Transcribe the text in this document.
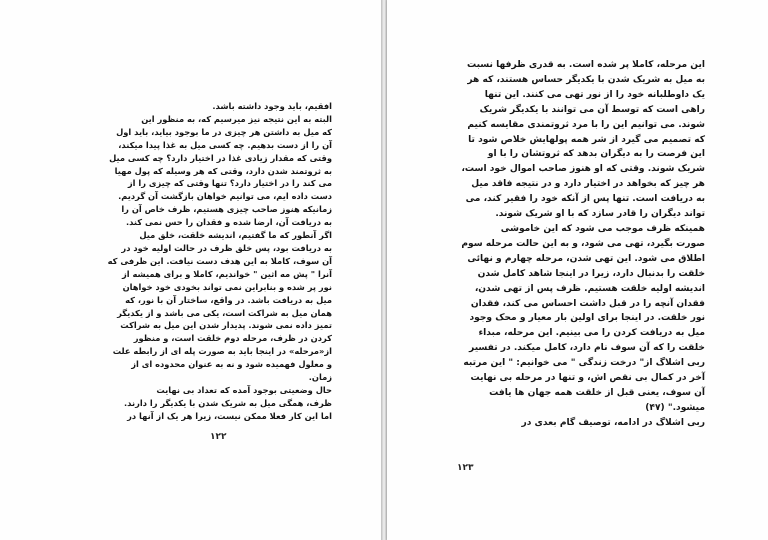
افقیم، باید وجود داشته باشد.
البته به این نتیجه نیز میرسیم که، به منظور این
که میل به داشتن هر چیزی در ما بوجود بیاید، باید اول
آن را از دست بدهیم. چه کسی میل به غذا پیدا میکند،
وقتی که مقدار زیادی غذا در اختیار دارد؟ چه کسی میل
به ثروتمند شدن دارد، وقتی که هر وسیله که پول مهیا
می کند را در اختیار دارد؟ تنها وقتی که چیزی را از
دست داده ایم، می توانیم خواهان بازگشت آن گردیم.
زمانیکه هنوز صاحب چیزی هستیم، ظرف خاص آن را
به دریافت آن، ارضا شده و فقدان را حس نمی کند.
اگر آنطور که ما گفتیم، اندیشه خلقت، خلق میل
به دریافت بود، پس خلق ظرف در حالت اولیه خود در
آن سوف، کاملا به این هدف دست نیافت. این ظرفی که
آنرا " پش مه اثین " خواندیم، کاملا و برای همیشه از
نور پر شده و بنابراین نمی تواند بخودی خود خواهان
میل به دریافت باشد. در واقع، ساختار آن با نور، که
همان میل به شراکت است، یکی می باشد و از یکدیگر
تمیز داده نمی شوند. پدیدار شدن این میل به شراکت
کردن در ظرف، مرحله دوم خلقت است، و منظور
از«مرحله» در اینجا باید به صورت پله ای از رابطه علت
و معلول فهمیده شود و نه به عنوان محدوده ای از
زمان.
حال وضعیتی بوجود آمده که تعداد بی نهایت
ظرف، همگی میل به شریک شدن با یکدیگر را دارند.
اما این کار فعلا ممکن نیست، زیرا هر یک از آنها در
۱۲۲
این مرحله، کاملا پر شده است. به قدری ظرفها نسبت
به میل به شریک شدن با یکدیگر حساس هستند، که هر
یک داوطلبانه خود را از نور تهی می کنند. این تنها
راهی است که توسط آن می توانند با یکدیگر شریک
شوند. می توانیم این را با مرد ثروتمندی مقایسه کنیم
که تصمیم می گیرد از شر همه پولهایش خلاص شود تا
این فرصت را به دیگران بدهد که ثروتشان را با او
شریک شوند. وقتی که او هنوز صاحب اموال خود است،
هر چیز که بخواهد در اختیار دارد و در نتیجه فاقد میل
به دریافت است. تنها پس از آنکه خود را فقیر کند، می
تواند دیگران را قادر سازد که با او شریک شوند.
همینکه ظرف موجب می شود که این خاموشی
صورت بگیرد، تهی می شود، و به این حالت مرحله سوم
اطلاق می شود. این تهی شدن، مرحله چهارم و نهائی
خلقت را بدنبال دارد، زیرا در اینجا شاهد کامل شدن
اندیشه اولیه خلقت هستیم. ظرف پس از تهی شدن،
فقدان آنچه را در قبل داشت احساس می کند، فقدان
نور خلقت. در اینجا برای اولین بار معیار و محک وجود
میل به دریافت کردن را می بینیم. این مرحله، مبداء
خلقت را که آن سوف نام دارد، کامل میکند. در تفسیر
ربی اشلاگ از" درخت زندگی " می خوانیم: " این مرتبه
آخر در کمال بی نقص اش، و تنها در مرحله بی نهایت
آن سوف، یعنی قبل از خلقت همه جهان ها یافت
میشود." (۴۷)
ربی اشلاگ در ادامه، توصیف گام بعدی در
۱۲۳
